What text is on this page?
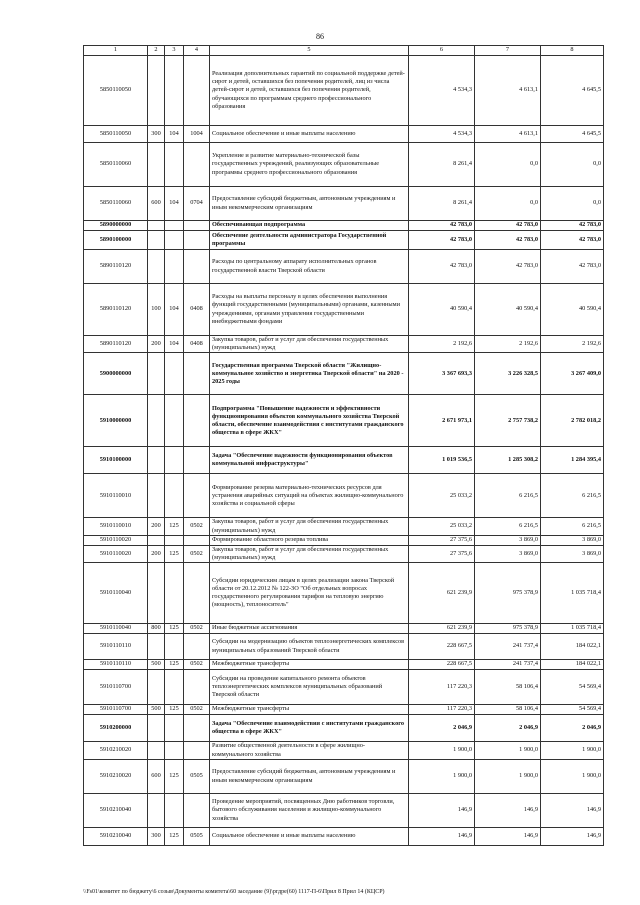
86
1	2	3	4	5	6	7	8
5850110050				Реализация дополнительных гарантий по социальной поддержке детей-сирот и детей, оставшихся без попечения родителей, лиц из числа детей-сирот и детей, оставшихся без попечения родителей, обучающихся по программам среднего профессионального образования	4 534,3	4 613,1	4 645,5
5850110050	300	104	1004	Социальное обеспечение и иные выплаты населению	4 534,3	4 613,1	4 645,5
5850110060				Укрепление и развитие материально-технической базы государственных учреждений, реализующих образовательные программы среднего профессионального образования	8 261,4	0,0	0,0
5850110060	600	104	0704	Предоставление субсидий бюджетным, автономным учреждениям и иным некоммерческим организациям	8 261,4	0,0	0,0
5890000000				Обеспечивающая подпрограмма	42 783,0	42 783,0	42 783,0
5890100000				Обеспечение деятельности администратора Государственной программы	42 783,0	42 783,0	42 783,0
5890110120				Расходы по центральному аппарату исполнительных органов государственной власти Тверской области	42 783,0	42 783,0	42 783,0
5890110120	100	104	0408	Расходы на выплаты персоналу в целях обеспечения выполнения функций государственными (муниципальными) органами, казенными учреждениями, органами управления государственными внебюджетными фондами	40 590,4	40 590,4	40 590,4
5890110120	200	104	0408	Закупка товаров, работ и услуг для обеспечения государственных (муниципальных) нужд	2 192,6	2 192,6	2 192,6
5900000000				Государственная программа Тверской области "Жилищно-коммунальное хозяйство и энергетика Тверской области" на 2020 - 2025 годы	3 367 693,3	3 226 328,5	3 267 409,0
5910000000				Подпрограмма "Повышение надежности и эффективности функционирования объектов коммунального хозяйства Тверской области, обеспечение взаимодействия с институтами гражданского общества в сфере ЖКХ"	2 671 973,1	2 757 738,2	2 782 018,2
5910100000				Задача "Обеспечение надежности функционирования объектов коммунальной инфраструктуры"	1 019 536,5	1 285 308,2	1 284 395,4
5910110010				Формирование резерва материально-технических ресурсов для устранения аварийных ситуаций на объектах жилищно-коммунального хозяйства и социальной сферы	25 033,2	6 216,5	6 216,5
5910110010	200	125	0502	Закупка товаров, работ и услуг для обеспечения государственных (муниципальных) нужд	25 033,2	6 216,5	6 216,5
5910110020				Формирование областного резерва топлива	27 375,6	3 869,0	3 869,0
5910110020	200	125	0502	Закупка товаров, работ и услуг для обеспечения государственных (муниципальных) нужд	27 375,6	3 869,0	3 869,0
5910110040				Субсидии юридическим лицам в целях реализации закона Тверской области от 20.12.2012 № 122-ЗО "Об отдельных вопросах государственного регулирования тарифов на тепловую энергию (мощность), теплоноситель"	621 239,9	975 378,9	1 035 718,4
5910110040	800	125	0502	Иные бюджетные ассигнования	621 239,9	975 378,9	1 035 718,4
5910110110				Субсидии на модернизацию объектов теплоэнергетических комплексов муниципальных образований Тверской области	228 667,5	241 737,4	184 022,1
5910110110	500	125	0502	Межбюджетные трансферты	228 667,5	241 737,4	184 022,1
5910110700				Субсидии на проведение капитального ремонта объектов теплоэнергетических комплексов муниципальных образований Тверской области	117 220,3	58 106,4	54 569,4
5910110700	500	125	0502	Межбюджетные трансферты	117 220,3	58 106,4	54 569,4
5910200000				Задача "Обеспечение взаимодействия с институтами гражданского общества в сфере ЖКХ"	2 046,9	2 046,9	2 046,9
5910210020				Развитие общественной деятельности в сфере жилищно-коммунального хозяйства	1 900,0	1 900,0	1 900,0
5910210020	600	125	0505	Предоставление субсидий бюджетным, автономным учреждениям и иным некоммерческим организациям	1 900,0	1 900,0	1 900,0
5910210040				Проведение мероприятий, посвященных Дню работников торговли, бытового обслуживания населения и жилищно-коммунального хозяйства	146,9	146,9	146,9
5910210040	300	125	0505	Социальное обеспечение и иные выплаты населению	146,9	146,9	146,9
\\Fs01\комитет по бюджету\6 созыв\Документы комитета\60 заседание (9)\ргдре(60) 1117-П-6\Прил 8 Прил 14 (КЦСР)
